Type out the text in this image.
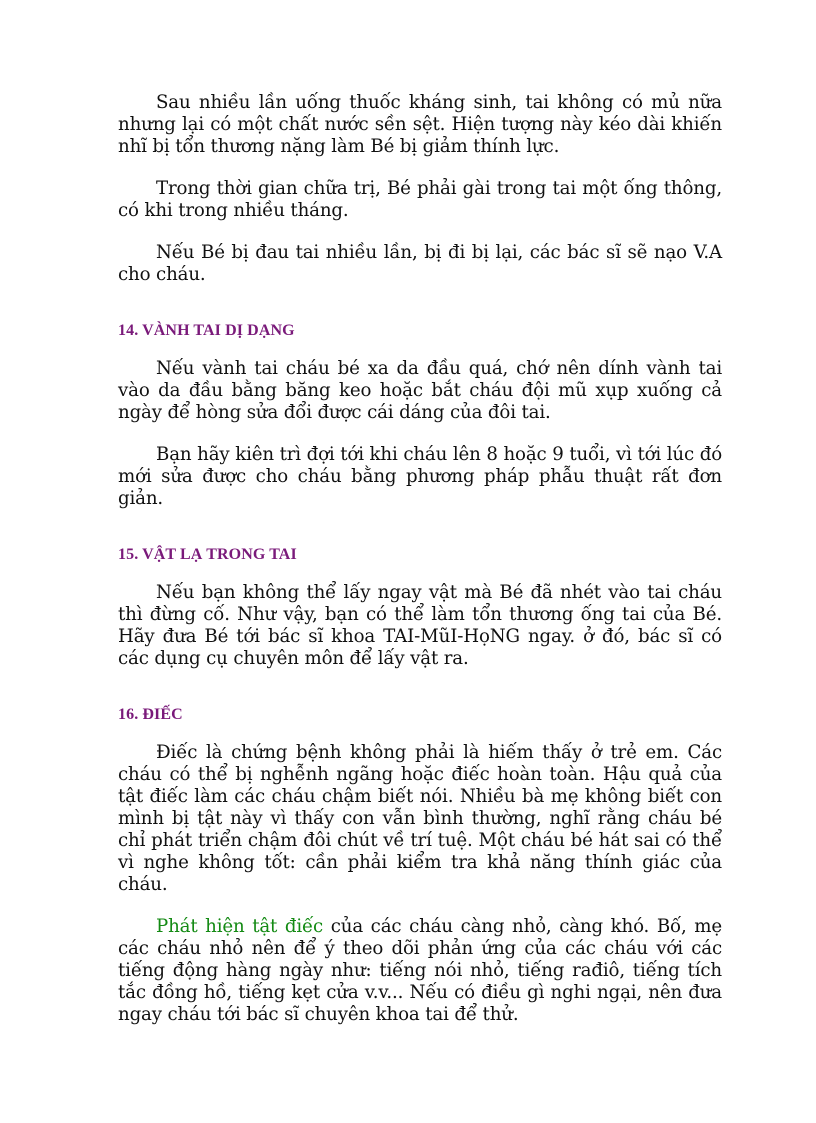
Sau nhiều lần uống thuốc kháng sinh, tai không có mủ nữa nhưng lại có một chất nước sền sệt. Hiện tượng này kéo dài khiến nhĩ bị tổn thương nặng làm Bé bị giảm thính lực.

Trong thời gian chữa trị, Bé phải gài trong tai một ống thông, có khi trong nhiều tháng.

Nếu Bé bị đau tai nhiều lần, bị đi bị lại, các bác sĩ sẽ nạo V.A cho cháu.

14. VÀNH TAI DỊ DẠNG

Nếu vành tai cháu bé xa da đầu quá, chớ nên dính vành tai vào da đầu bằng băng keo hoặc bắt cháu đội mũ xụp xuống cả ngày để hòng sửa đổi được cái dáng của đôi tai.

Bạn hãy kiên trì đợi tới khi cháu lên 8 hoặc 9 tuổi, vì tới lúc đó mới sửa được cho cháu bằng phương pháp phẫu thuật rất đơn giản.

15. VẬT LẠ TRONG TAI

Nếu bạn không thể lấy ngay vật mà Bé đã nhét vào tai cháu thì đừng cố. Như vậy, bạn có thể làm tổn thương ống tai của Bé. Hãy đưa Bé tới bác sĩ khoa TAI-MũI-HọNG ngay. ở đó, bác sĩ có các dụng cụ chuyên môn để lấy vật ra.

16. ĐIẾC

Điếc là chứng bệnh không phải là hiếm thấy ở trẻ em. Các cháu có thể bị nghễnh ngãng hoặc điếc hoàn toàn. Hậu quả của tật điếc làm các cháu chậm biết nói. Nhiều bà mẹ không biết con mình bị tật này vì thấy con vẫn bình thường, nghĩ rằng cháu bé chỉ phát triển chậm đôi chút về trí tuệ. Một cháu bé hát sai có thể vì nghe không tốt: cần phải kiểm tra khả năng thính giác của cháu.

Phát hiện tật điếc của các cháu càng nhỏ, càng khó. Bố, mẹ các cháu nhỏ nên để ý theo dõi phản ứng của các cháu với các tiếng động hàng ngày như: tiếng nói nhỏ, tiếng rađiô, tiếng tích tắc đồng hồ, tiếng kẹt cửa v.v... Nếu có điều gì nghi ngại, nên đưa ngay cháu tới bác sĩ chuyên khoa tai để thử.
